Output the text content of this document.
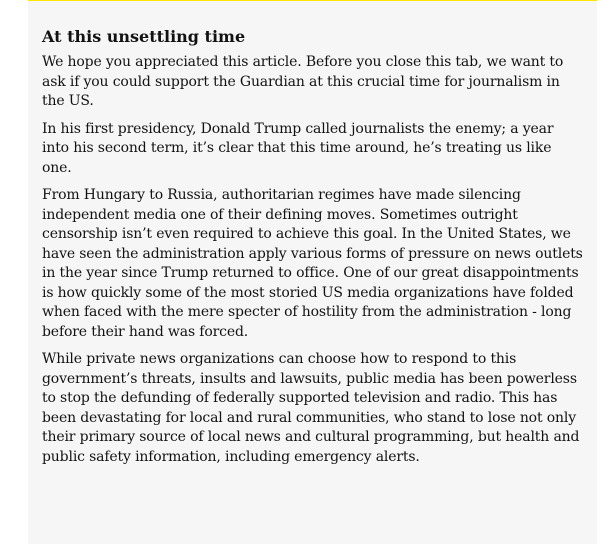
At this unsettling time

We hope you appreciated this article. Before you close this tab, we want to ask if you could support the Guardian at this crucial time for journalism in the US.

In his first presidency, Donald Trump called journalists the enemy; a year into his second term, it’s clear that this time around, he’s treating us like one.

From Hungary to Russia, authoritarian regimes have made silencing independent media one of their defining moves. Sometimes outright censorship isn’t even required to achieve this goal. In the United States, we have seen the administration apply various forms of pressure on news outlets in the year since Trump returned to office. One of our great disappointments is how quickly some of the most storied US media organizations have folded when faced with the mere specter of hostility from the administration - long before their hand was forced.

While private news organizations can choose how to respond to this government’s threats, insults and lawsuits, public media has been powerless to stop the defunding of federally supported television and radio. This has been devastating for local and rural communities, who stand to lose not only their primary source of local news and cultural programming, but health and public safety information, including emergency alerts.
